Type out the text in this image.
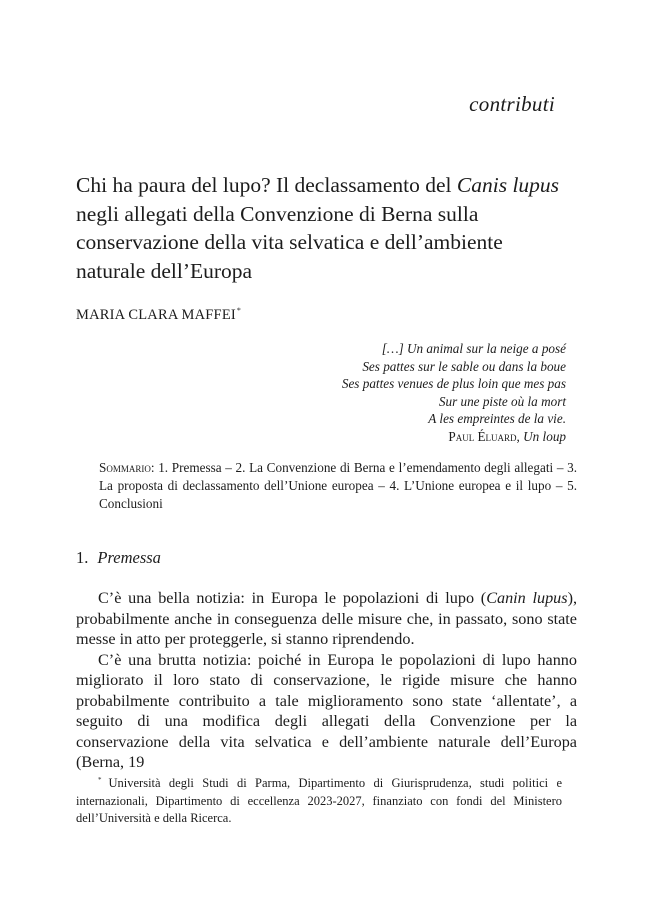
contributi
Chi ha paura del lupo? Il declassamento del Canis lupus negli allegati della Convenzione di Berna sulla conservazione della vita selvatica e dell’ambiente naturale dell’Europa
MARIA CLARA MAFFEI*
[…] Un animal sur la neige a posé
Ses pattes sur le sable ou dans la boue
Ses pattes venues de plus loin que mes pas
Sur une piste où la mort
A les empreintes de la vie.
Paul Éluard, Un loup
Sommario: 1. Premessa – 2. La Convenzione di Berna e l’emendamento degli allegati – 3. La proposta di declassamento dell’Unione europea – 4. L’Unione europea e il lupo – 5. Conclusioni
1. Premessa

C’è una bella notizia: in Europa le popolazioni di lupo (Canin lupus), probabilmente anche in conseguenza delle misure che, in passato, sono state messe in atto per proteggerle, si stanno riprendendo.

C’è una brutta notizia: poiché in Europa le popolazioni di lupo hanno migliorato il loro stato di conservazione, le rigide misure che hanno probabilmente contribuito a tale miglioramento sono state ‘allentate’, a seguito di una modifica degli allegati della Convenzione per la conservazione della vita selvatica e dell’ambiente naturale dell’Europa (Berna, 19

* Università degli Studi di Parma, Dipartimento di Giurisprudenza, studi politici e internazionali, Dipartimento di eccellenza 2023-2027, finanziato con fondi del Ministero dell’Università e della Ricerca.
